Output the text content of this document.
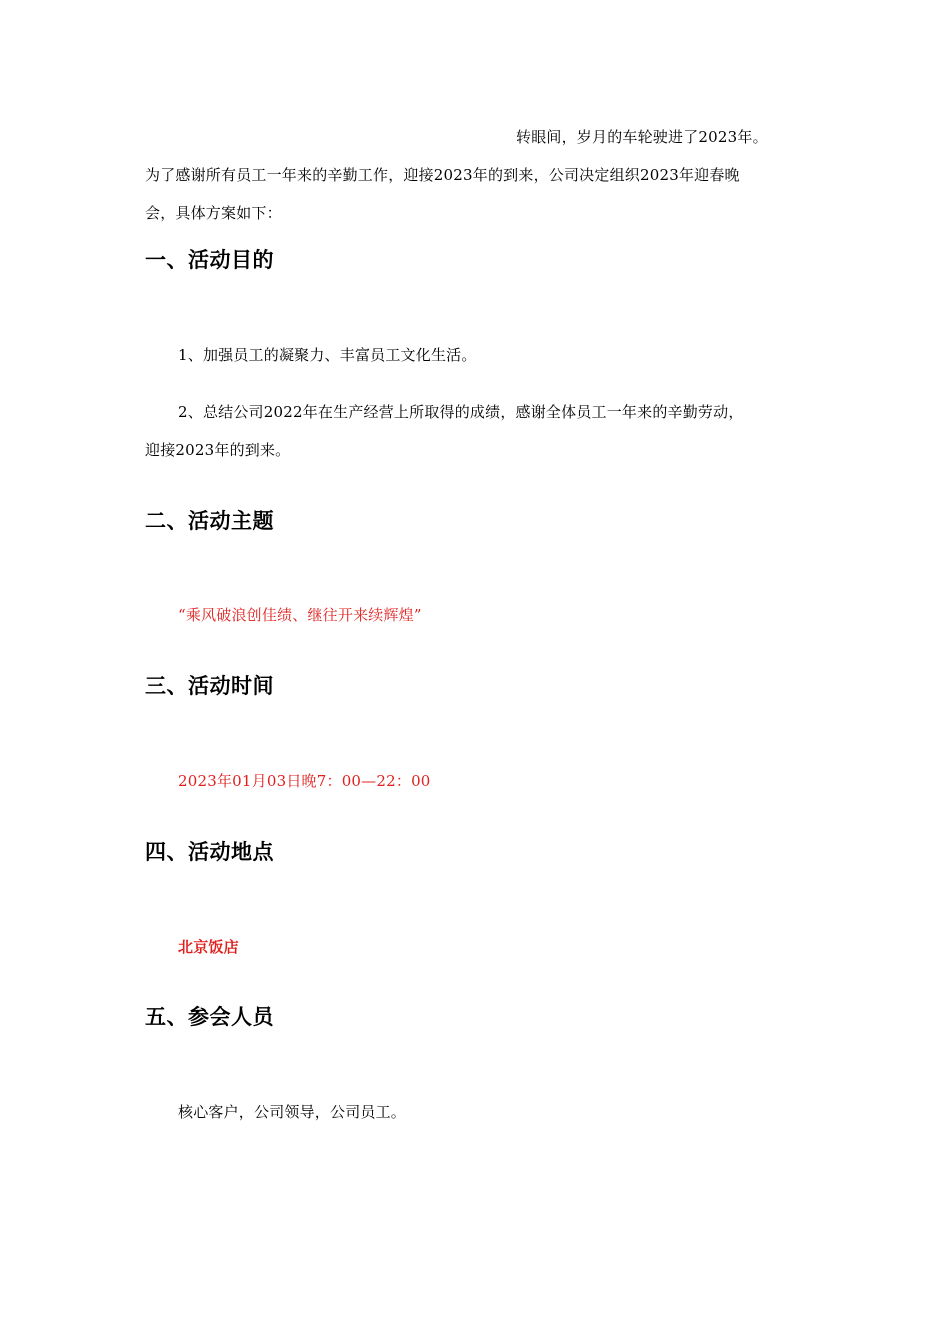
转眼间，岁月的车轮驶进了2023年。
为了感谢所有员工一年来的辛勤工作，迎接2023年的到来，公司决定组织2023年迎春晚
会，具体方案如下：
一、活动目的
1、加强员工的凝聚力、丰富员工文化生活。
2、总结公司2022年在生产经营上所取得的成绩，感谢全体员工一年来的辛勤劳动，
迎接2023年的到来。
二、活动主题
“乘风破浪创佳绩、继往开来续辉煌”
三、活动时间
2023年01月03日晚7：00—22：00
四、活动地点
北京饭店
五、参会人员
核心客户，公司领导，公司员工。
